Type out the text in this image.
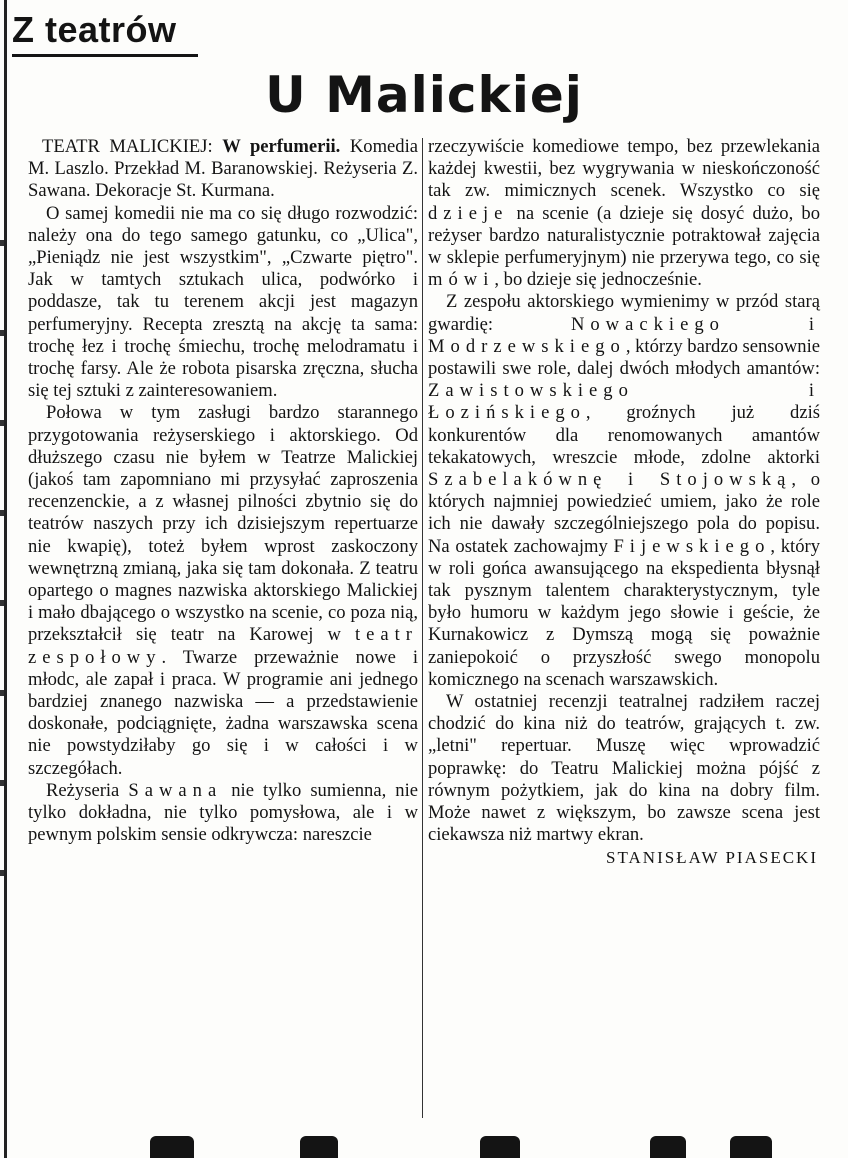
Z teatrów
U Malickiej

TEATR MALICKIEJ: W perfumerii. Komedia M. Laszlo. Przekład M. Baranowskiej. Reżyseria Z. Sawana. Dekoracje St. Kurmana.

O samej komedii nie ma co się długo rozwodzić: należy ona do tego samego gatunku, co „Ulica", „Pieniądz nie jest wszystkim", „Czwarte piętro". Jak w tamtych sztukach ulica, podwórko i poddasze, tak tu terenem akcji jest magazyn perfumeryjny. Recepta zresztą na akcję ta sama: trochę łez i trochę śmiechu, trochę melodramatu i trochę farsy. Ale że robota pisarska zręczna, słucha się tej sztuki z zainteresowaniem.

Połowa w tym zasługi bardzo starannego przygotowania reżyserskiego i aktorskiego. Od dłuższego czasu nie byłem w Teatrze Malickiej (jakoś tam zapomniano mi przysyłać zaproszenia recenzenckie, a z własnej pilności zbytnio się do teatrów naszych przy ich dzisiejszym repertuarze nie kwapię), toteż byłem wprost zaskoczony wewnętrzną zmianą, jaka się tam dokonała. Z teatru opartego o magnes nazwiska aktorskiego Malickiej i mało dbającego o wszystko na scenie, co poza nią, przekształcił się teatr na Karowej w teatr zespołowy. Twarze przeważnie nowe i młodc, ale zapał i praca. W programie ani jednego bardziej znanego nazwiska — a przedstawienie doskonałe, podciągnięte, żadna warszawska scena nie powstydziłaby go się i w całości i w szczegółach.

Reżyseria Sawana nie tylko sumienna, nie tylko dokładna, nie tylko pomysłowa, ale i w pewnym polskim sensie odkrywcza: nareszcie

rzeczywiście komediowe tempo, bez przewlekania każdej kwestii, bez wygrywania w nieskończoność tak zw. mimicznych scenek. Wszystko co się dzieje na scenie (a dzieje się dosyć dużo, bo reżyser bardzo naturalistycznie potraktował zajęcia w sklepie perfumeryjnym) nie przerywa tego, co się mówi, bo dzieje się jednocześnie.

Z zespołu aktorskiego wymienimy w przód starą gwardię: Nowackiego i Modrzewskiego, którzy bardzo sensownie postawili swe role, dalej dwóch młodych amantów: Zawistowskiego i Łozińskiego, groźnych już dziś konkurentów dla renomowanych amantów tekakatowych, wreszcie młode, zdolne aktorki Szabelakównę i Stojowską, o których najmniej powiedzieć umiem, jako że role ich nie dawały szczególniejszego pola do popisu. Na ostatek zachowajmy Fijewskiego, który w roli gońca awansującego na ekspedienta błysnął tak pysznym talentem charakterystycznym, tyle było humoru w każdym jego słowie i geście, że Kurnakowicz z Dymszą mogą się poważnie zaniepokoić o przyszłość swego monopolu komicznego na scenach warszawskich.

W ostatniej recenzji teatralnej radziłem raczej chodzić do kina niż do teatrów, grających t. zw. „letni" repertuar. Muszę więc wprowadzić poprawkę: do Teatru Malickiej można pójść z równym pożytkiem, jak do kina na dobry film. Może nawet z większym, bo zawsze scena jest ciekawsza niż martwy ekran.

STANISŁAW PIASECKI
